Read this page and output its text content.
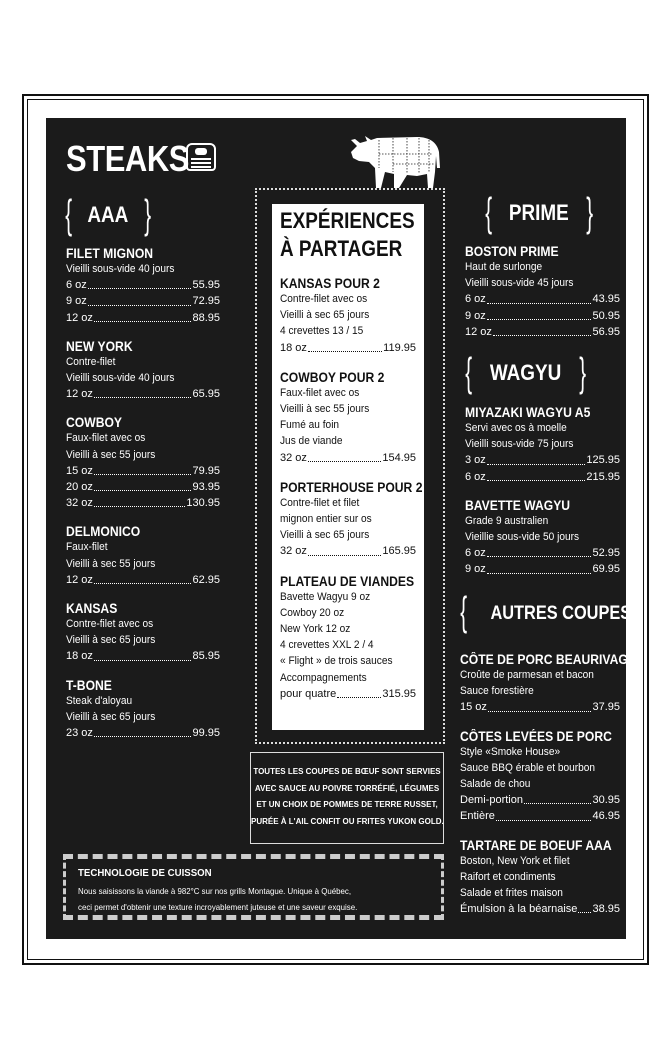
STEAKS
{ AAA }
FILET MIGNON
Vieilli sous-vide 40 jours
6 oz	55.95
9 oz	72.95
12 oz	88.95
NEW YORK
Contre-filet
Vieilli sous-vide 40 jours
12 oz	65.95
COWBOY
Faux-filet avec os
Vieilli à sec 55 jours
15 oz	79.95
20 oz	93.95
32 oz	130.95
DELMONICO
Faux-filet
Vieilli à sec 55 jours
12 oz	62.95
KANSAS
Contre-filet avec os
Vieilli à sec 65 jours
18 oz	85.95
T-BONE
Steak d'aloyau
Vieilli à sec 65 jours
23 oz	99.95
EXPÉRIENCES
À PARTAGER
KANSAS POUR 2
Contre-filet avec os
Vieilli à sec 65 jours
4 crevettes 13 / 15
18 oz	119.95
COWBOY POUR 2
Faux-filet avec os
Vieilli à sec 55 jours
Fumé au foin
Jus de viande
32 oz	154.95
PORTERHOUSE POUR 2
Contre-filet et filet
mignon entier sur os
Vieilli à sec 65 jours
32 oz	165.95
PLATEAU DE VIANDES
Bavette Wagyu 9 oz
Cowboy 20 oz
New York 12 oz
4 crevettes XXL 2 / 4
« Flight » de trois sauces
Accompagnements
pour quatre	315.95
TOUTES LES COUPES DE BŒUF SONT SERVIES
AVEC SAUCE AU POIVRE TORRÉFIÉ, LÉGUMES
ET UN CHOIX DE POMMES DE TERRE RUSSET,
PURÉE À L'AIL CONFIT OU FRITES YUKON GOLD.
TECHNOLOGIE DE CUISSON
Nous saisissons la viande à 982°C sur nos grills Montague. Unique à Québec,
ceci permet d'obtenir une texture incroyablement juteuse et une saveur exquise.
{ PRIME }
BOSTON PRIME
Haut de surlonge
Vieilli sous-vide 45 jours
6 oz	43.95
9 oz	50.95
12 oz	56.95
{ WAGYU }
MIYAZAKI WAGYU A5
Servi avec os à moelle
Vieilli sous-vide 75 jours
3 oz	125.95
6 oz	215.95
BAVETTE WAGYU
Grade 9 australien
Vieillie sous-vide 50 jours
6 oz	52.95
9 oz	69.95
{ AUTRES COUPES }
CÔTE DE PORC BEAURIVAGE
Croûte de parmesan et bacon
Sauce forestière
15 oz	37.95
CÔTES LEVÉES DE PORC
Style «Smoke House»
Sauce BBQ érable et bourbon
Salade de chou
Demi-portion	30.95
Entière	46.95
TARTARE DE BOEUF AAA
Boston, New York et filet
Raifort et condiments
Salade et frites maison
Émulsion à la béarnaise 38.95
